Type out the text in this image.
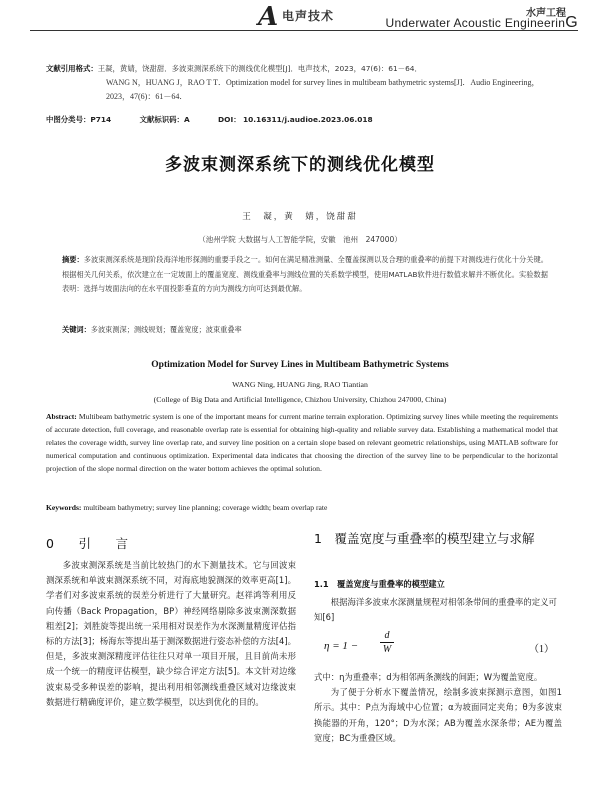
A 电声技术	水声工程
Underwater Acoustic EngineerinG
文献引用格式：王凝，黄婧，饶甜甜．多波束测深系统下的测线优化模型[J]．电声技术，2023，47(6)：61－64．
WANG N，HUANG J，RAO T T．Optimization model for survey lines in multibeam bathymetric systems[J]．Audio Engineering，
2023，47(6)：61－64．
中图分类号：P714	文献标识码：A	DOI： 10.16311/j.audioe.2023.06.018
多波束测深系统下的测线优化模型
王　凝，黄　婧，饶甜甜
（池州学院 大数据与人工智能学院，安徽　池州　247000）
摘要：多波束测深系统是现阶段海洋地形探测的重要手段之一。如何在满足精准测量、全覆盖探测以及合理的重叠率的前提下对测线进行优化十分关键。根据相关几何关系，依次建立在一定坡面上的覆盖宽度、测线重叠率与测线位置的关系数学模型，使用MATLAB软件进行数值求解并不断优化。实验数据表明：选择与坡面法向的在水平面投影垂直的方向为测线方向可达到最优解。
关键词：多波束测深；测线规划；覆盖宽度；波束重叠率
Optimization Model for Survey Lines in Multibeam Bathymetric Systems
WANG Ning, HUANG Jing, RAO Tiantian
(College of Big Data and Artificial Intelligence, Chizhou University, Chizhou 247000, China)
Abstract: Multibeam bathymetric system is one of the important means for current marine terrain exploration. Optimizing survey lines while meeting the requirements of accurate detection, full coverage, and reasonable overlap rate is essential for obtaining high-quality and reliable survey data. Establishing a mathematical model that relates the coverage width, survey line overlap rate, and survey line position on a certain slope based on relevant geometric relationships, using MATLAB software for numerical computation and continuous optimization. Experimental data indicates that choosing the direction of the survey line to be perpendicular to the horizontal projection of the slope normal direction on the water bottom achieves the optimal solution.
Keywords: multibeam bathymetry; survey line planning; coverage width; beam overlap rate
0　引　言

多波束测深系统是当前比较热门的水下测量技术。它与回波束测深系统和单波束测深系统不同，对海底地貌测深的效率更高[1]。学者们对多波束系统的误差分析进行了大量研究。赵祥鸿等利用反向传播（Back Propagation，BP）神经网络剔除多波束测深数据粗差[2]；刘胜旋等提出统一采用相对误差作为水深测量精度评估指标的方法[3]；杨海东等提出基于测深数据进行姿态补偿的方法[4]。但是，多波束测深精度评估往往只对单一项目开展，且目前尚未形成一个统一的精度评估模型，缺少综合评定方法[5]。本文针对边缘波束易受多种误差的影响，提出利用相邻测线重叠区域对边缘波束数据进行精确度评价，建立数学模型，以达到优化的目的。

1　覆盖宽度与重叠率的模型建立与求解
1.1　覆盖宽度与重叠率的模型建立
根据海洋多波束水深测量规程对相邻条带间的重叠率的定义可知[6]
η = 1 −
d
W	（1）

式中：η为重叠率；d为相邻两条测线的间距；W为覆盖宽度。

为了便于分析水下覆盖情况，绘制多波束探测示意图，如图1所示。其中：P点为海域中心位置；α为坡面同定夹角；θ为多波束换能器的开角，120°；D为水深；AB为覆盖水深条带；AE为覆盖宽度；BC为重叠区域。
